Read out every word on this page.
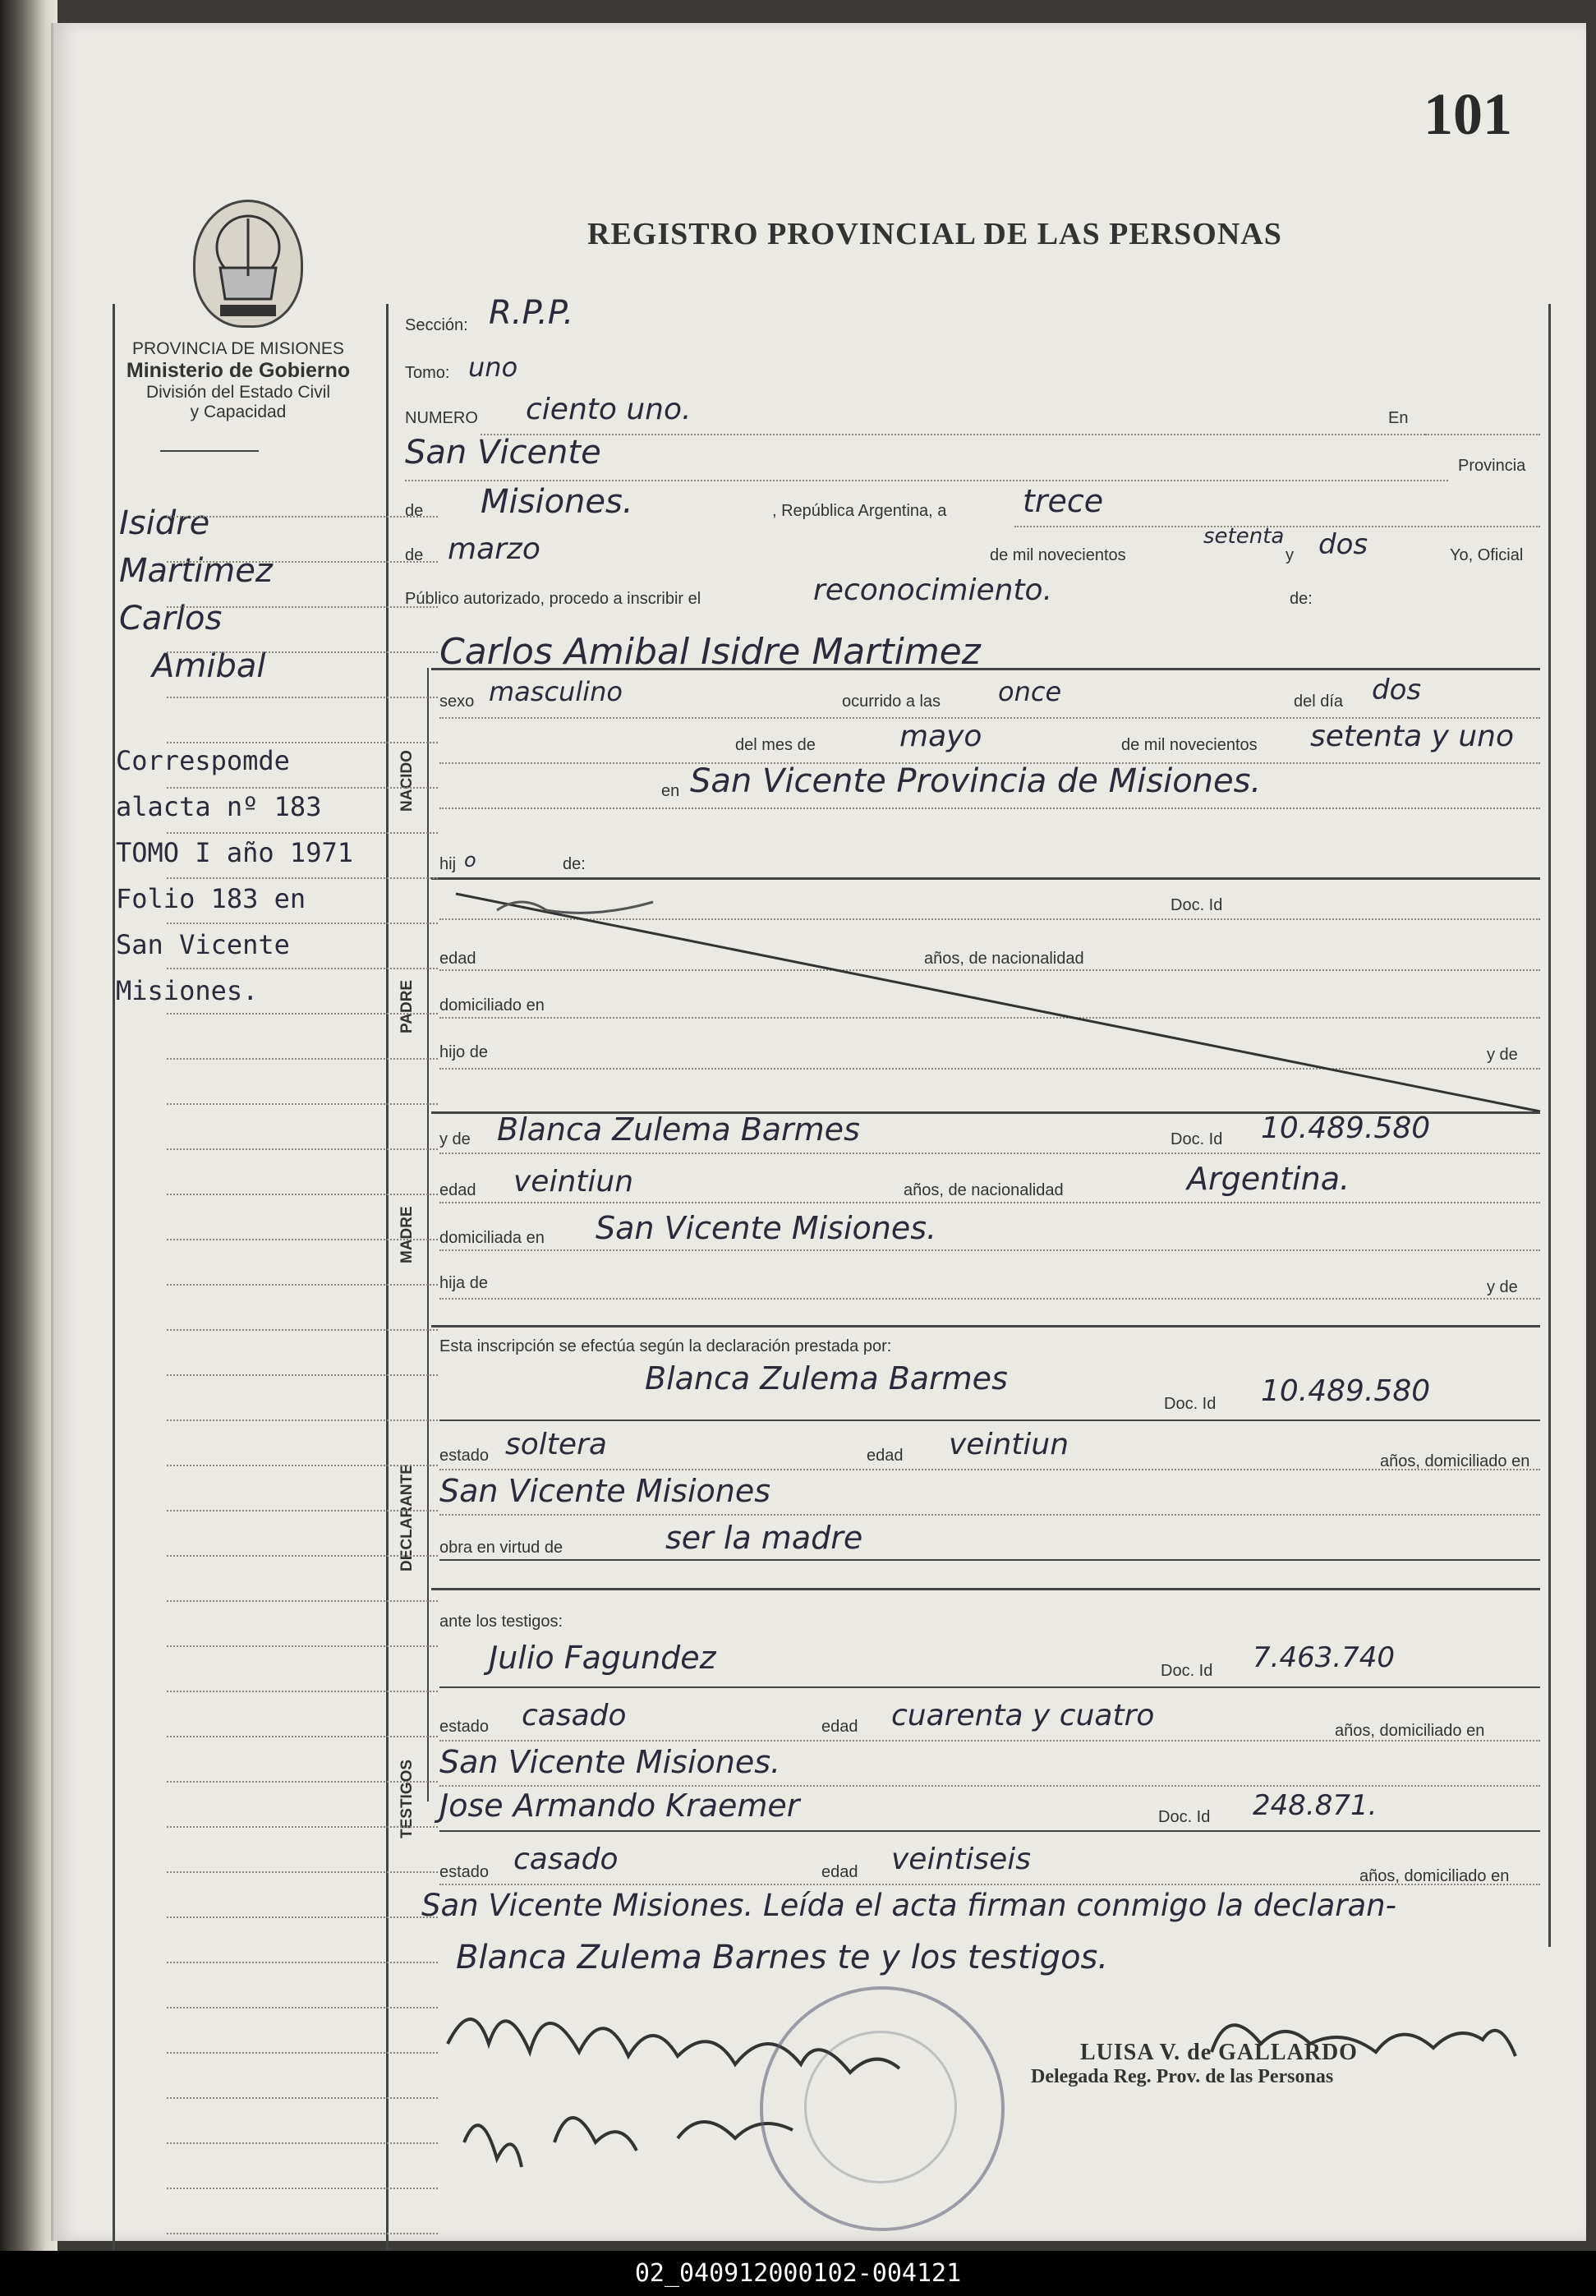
101
REGISTRO PROVINCIAL DE LAS PERSONAS
PROVINCIA DE MISIONES
Ministerio de Gobierno
División del Estado Civil
y Capacidad
Isidre
Martimez
Carlos
Amibal
Correspomde
alacta nº 183
TOMO I año 1971
Folio 183 en
San Vicente
Misiones.
Sección: R.P.P.
Tomo: uno
NUMERO ciento uno.	En
San Vicente	Provincia
de Misiones.	, República Argentina, a trece
de marzo	de mil novecientos
setenta
y dos	Yo, Oficial
Público autorizado, procedo a inscribir el	reconocimiento.	de:
Carlos Amibal Isidre Martimez
NACIDO
sexo masculino	ocurrido a las once	del día dos
del mes de	mayo	de mil novecientos setenta y uno
en San Vicente Provincia de Misiones.
hij o	de:
PADRE
Doc. Id
edad	años, de nacionalidad
domiciliado en
hijo de	y de
MADRE
y de Blanca Zulema Barmes	Doc. Id 10.489.580
edad veintiun	años, de nacionalidad	Argentina.
domiciliada en San Vicente Misiones.
hija de	y de
Esta inscripción se efectúa según la declaración prestada por:
Blanca Zulema Barmes
Doc. Id 10.489.580
DECLARANTE
estado soltera	edad veintiun	años, domiciliado en
San Vicente Misiones
obra en virtud de	ser la madre
ante los testigos:
Julio Fagundez	Doc. Id 7.463.740
TESTIGOS
estado casado	edad cuarenta y cuatro	años, domiciliado en
San Vicente Misiones.
Jose Armando Kraemer	Doc. Id 248.871.
estado casado	edad veintiseis	años, domiciliado en
San Vicente Misiones. Leída el acta firman conmigo la declaran-
Blanca Zulema Barnes te y los testigos.
LUISA V. de GALLARDO
Delegada Reg. Prov. de las Personas
02_040912000102-004121
